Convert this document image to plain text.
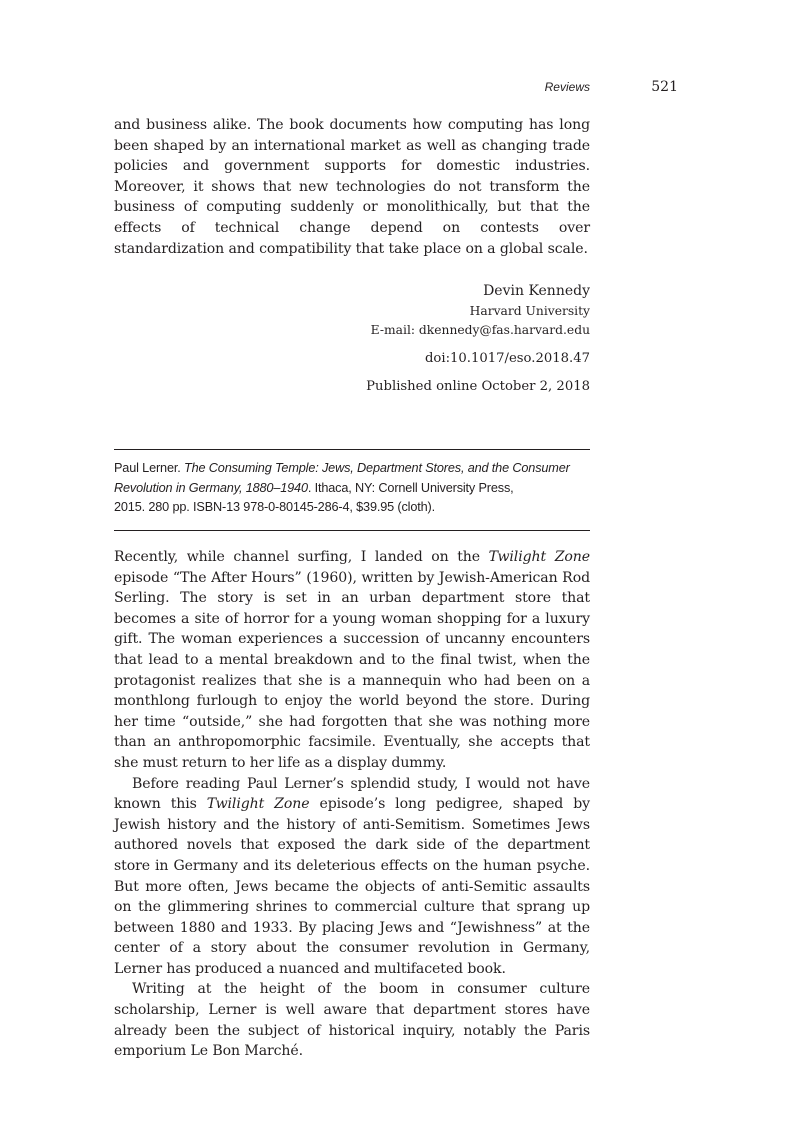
Reviews	521

and business alike. The book documents how computing has long been shaped by an international market as well as changing trade policies and government supports for domestic industries. Moreover, it shows that new technologies do not transform the business of computing suddenly or monolithically, but that the effects of technical change depend on contests over standardization and compatibility that take place on a global scale.

Devin Kennedy
Harvard University
E-mail: dkennedy@fas.harvard.edu
doi:10.1017/eso.2018.47
Published online October 2, 2018
Paul Lerner. The Consuming Temple: Jews, Department Stores, and the Consumer
Revolution in Germany, 1880–1940. Ithaca, NY: Cornell University Press,
2015. 280 pp. ISBN-13 978-0-80145-286-4, $39.95 (cloth).

Recently, while channel surfing, I landed on the Twilight Zone episode “The After Hours” (1960), written by Jewish-American Rod Serling. The story is set in an urban department store that becomes a site of horror for a young woman shopping for a luxury gift. The woman experiences a succession of uncanny encounters that lead to a mental breakdown and to the final twist, when the protagonist realizes that she is a mannequin who had been on a monthlong furlough to enjoy the world beyond the store. During her time “outside,” she had forgotten that she was nothing more than an anthropomorphic facsimile. Eventually, she accepts that she must return to her life as a display dummy.

Before reading Paul Lerner’s splendid study, I would not have known this Twilight Zone episode’s long pedigree, shaped by Jewish history and the history of anti-Semitism. Sometimes Jews authored novels that exposed the dark side of the department store in Germany and its deleterious effects on the human psyche. But more often, Jews became the objects of anti-Semitic assaults on the glimmering shrines to commercial culture that sprang up between 1880 and 1933. By placing Jews and “Jewishness” at the center of a story about the consumer revolution in Germany, Lerner has produced a nuanced and multifaceted book.

Writing at the height of the boom in consumer culture scholarship, Lerner is well aware that department stores have already been the subject of historical inquiry, notably the Paris emporium Le Bon Marché.
